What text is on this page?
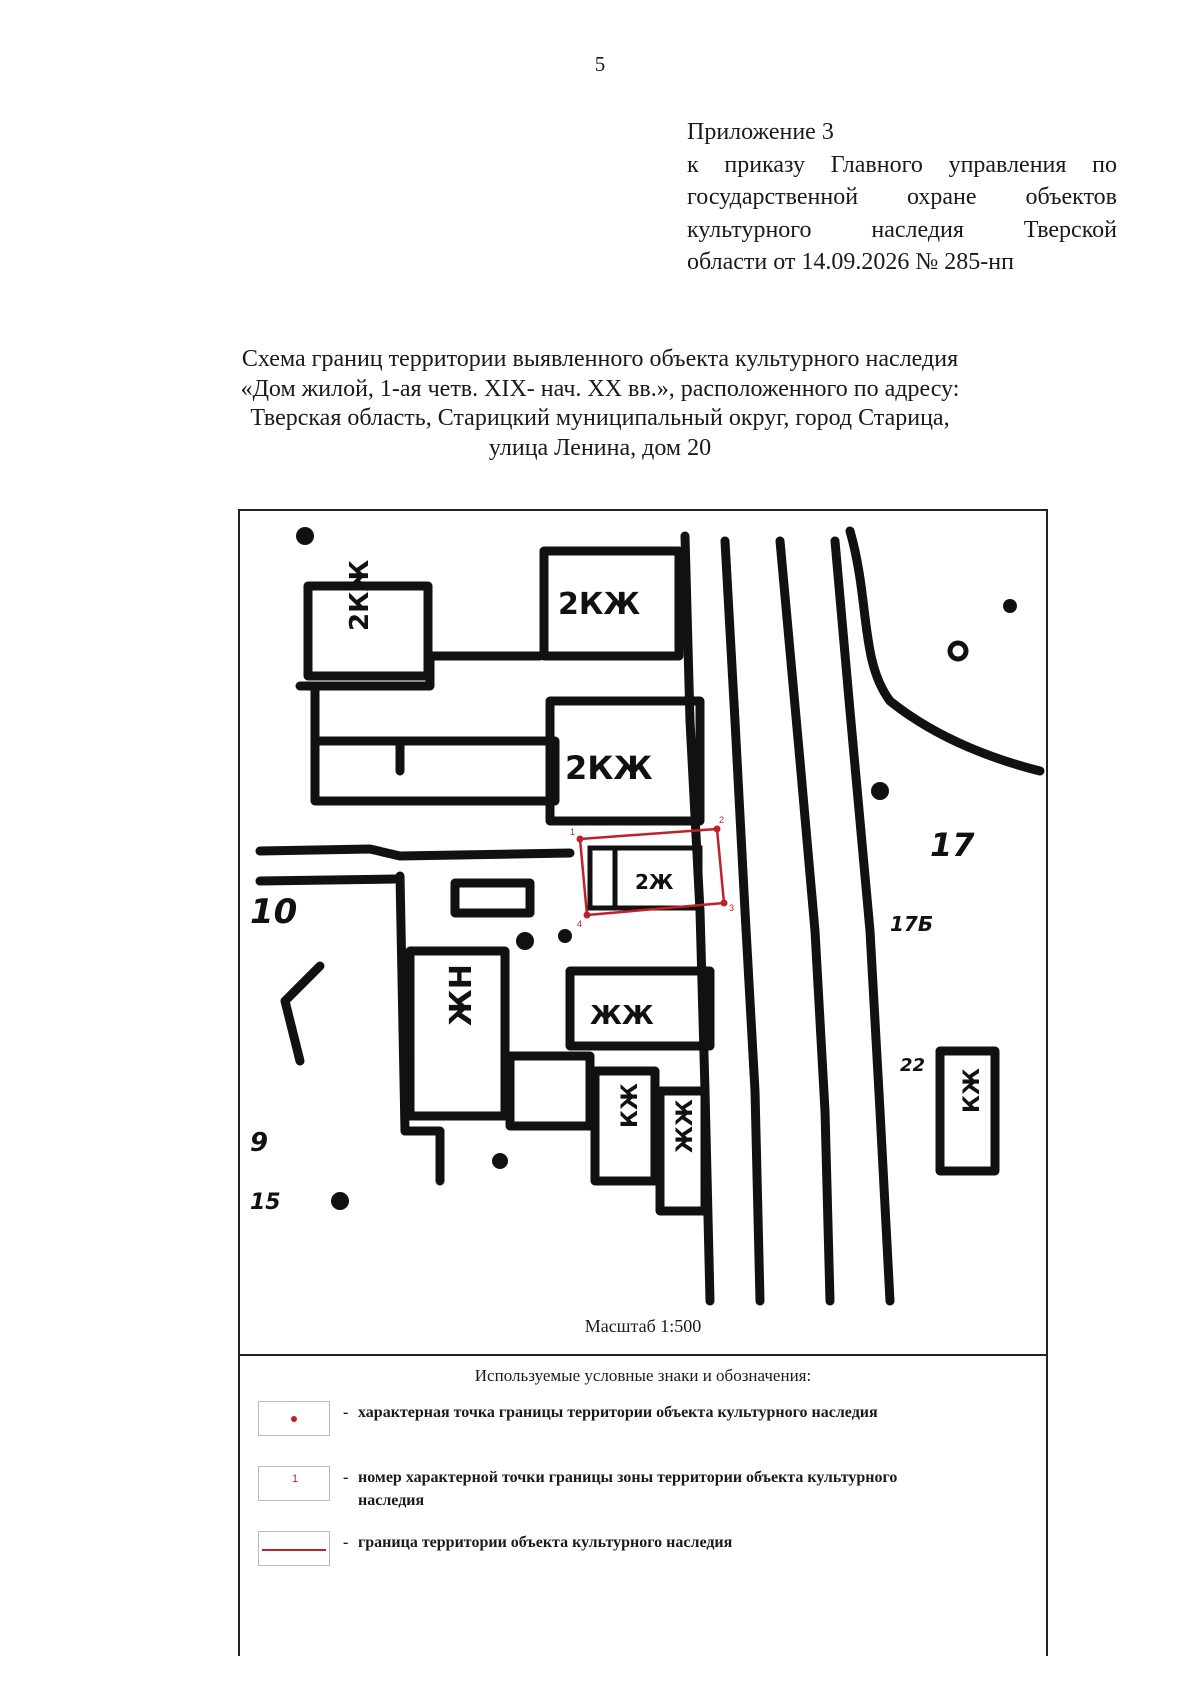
5
Приложение 3
к приказу Главного управления по
государственной охране объектов
культурного наследия Тверской
области от 14.09.2026 № 285-нп
Схема границ территории выявленного объекта культурного наследия
«Дом жилой, 1-ая четв. XIX- нач. XX вв.», расположенного по адресу:
Тверская область, Старицкий муниципальный округ, город Старица,
улица Ленина, дом 20
2КЖ	2КЖ
2КЖ
ЖН	ЖЖ
КЖ ЖЖ
КЖ
10
17
9
17Б
15
22
2Ж
1
2
3
4
Масштаб 1:500
Используемые условные знаки и обозначения:
- характерная точка границы территории объекта культурного наследия
1	- номер характерной точки границы зоны территории объекта культурного наследия
- граница территории объекта культурного наследия
